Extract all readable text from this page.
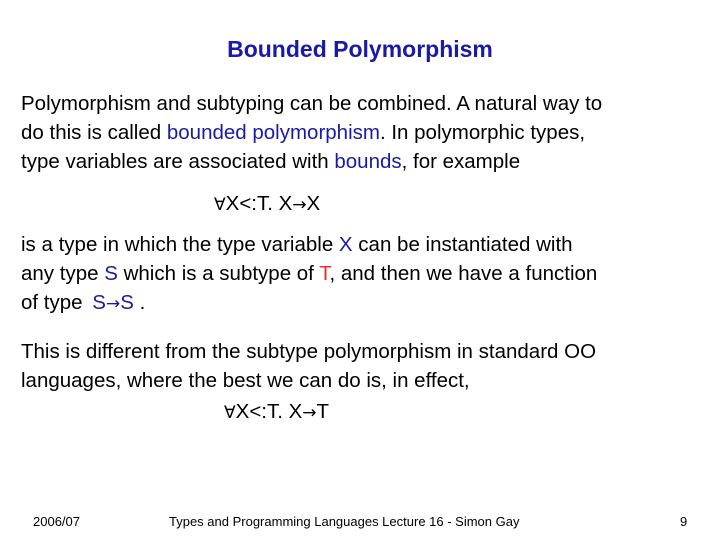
Bounded Polymorphism
Polymorphism and subtyping can be combined. A natural way to
do this is called bounded polymorphism. In polymorphic types,
type variables are associated with bounds, for example
∀X<:T. X→X
is a type in which the type variable X can be instantiated with
any type S which is a subtype of T, and then we have a function
of type S→S .
This is different from the subtype polymorphism in standard OO
languages, where the best we can do is, in effect,
∀X<:T. X→T
2006/07	Types and Programming Languages Lecture 16 - Simon Gay	9
